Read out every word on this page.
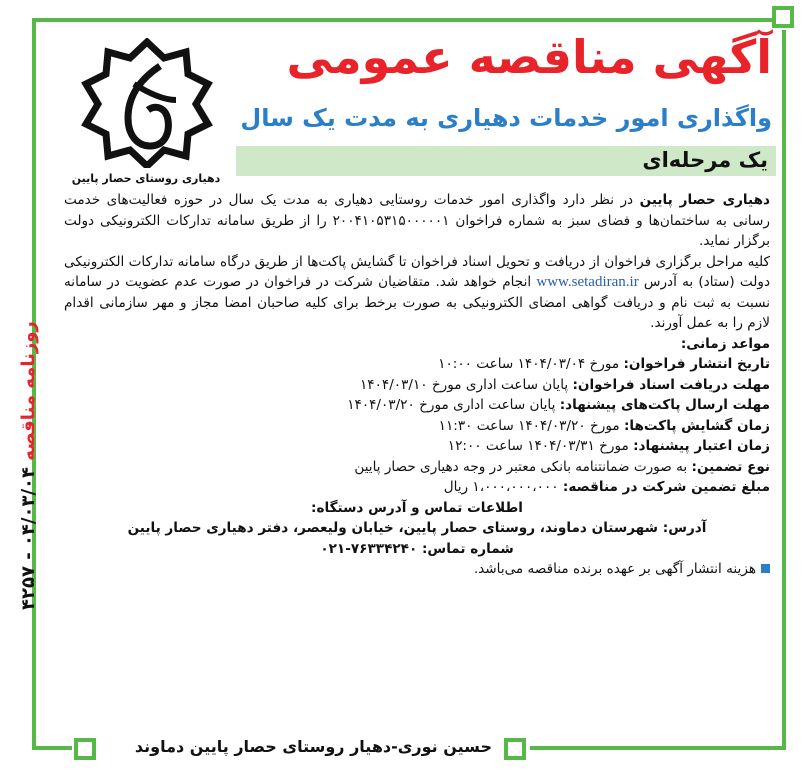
دهیاری روستای حصار پایین
آگهی مناقصه عمومی
واگذاری امور خدمات دهیاری به مدت یک سال
یک مرحله‌ای

دهیاری حصار پایین در نظر دارد واگذاری امور خدمات روستایی دهیاری به مدت یک سال در حوزه فعالیت‌های خدمت رسانی به ساختمان‌ها و فضای سبز به شماره فراخوان ۲۰۰۴۱۰۵۳۱۵۰۰۰۰۰۱ را از طریق سامانه تدارکات الکترونیکی دولت برگزار نماید.

کلیه مراحل برگزاری فراخوان از دریافت و تحویل اسناد فراخوان تا گشایش پاکت‌ها از طریق درگاه سامانه تدارکات الکترونیکی دولت (ستاد) به آدرس www.setadiran.ir انجام خواهد شد. متقاضیان شرکت در فراخوان در صورت عدم عضویت در سامانه نسبت به ثبت نام و دریافت گواهی امضای الکترونیکی به صورت برخط برای کلیه صاحبان امضا مجاز و مهر سازمانی اقدام لازم را به عمل آورند.

مواعد زمانی:

تاریخ انتشار فراخوان: مورخ ۱۴۰۴/۰۳/۰۴ ساعت ۱۰:۰۰

مهلت دریافت اسناد فراخوان: پایان ساعت اداری مورخ ۱۴۰۴/۰۳/۱۰

مهلت ارسال پاکت‌های پیشنهاد: پایان ساعت اداری مورخ ۱۴۰۴/۰۳/۲۰

زمان گشایش پاکت‌ها: مورخ ۱۴۰۴/۰۳/۲۰ ساعت ۱۱:۳۰

زمان اعتبار پیشنهاد: مورخ ۱۴۰۴/۰۳/۳۱ ساعت ۱۲:۰۰

نوع تضمین: به صورت ضمانتنامه بانکی معتبر در وجه دهیاری حصار پایین

مبلغ تضمین شرکت در مناقصه: ۱،۰۰۰،۰۰۰،۰۰۰ ریال

اطلاعات تماس و آدرس دستگاه:

آدرس: شهرستان دماوند، روستای حصار پایین، خیابان ولیعصر، دفتر دهیاری حصار پایین

شماره تماس: ۷۶۳۳۴۲۴۰-۰۲۱

هزینه انتشار آگهی بر عهده برنده مناقصه می‌باشد.

۴۲۵۷ - ۰۴/۰۳/۰۴ روزنامه مناقصه
حسین نوری-دهیار روستای حصار پایین دماوند
